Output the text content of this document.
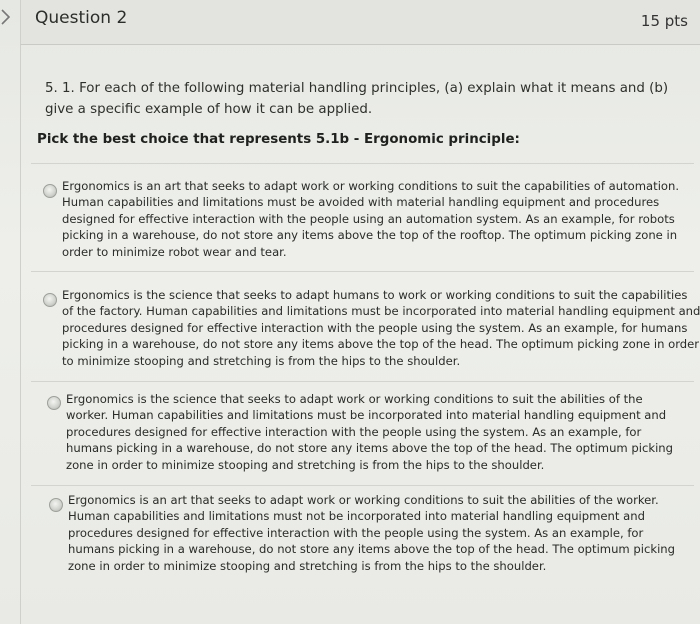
Question 2	15 pts
5. 1. For each of the following material handling principles, (a) explain what it means and (b) give a specific example of how it can be applied.
Pick the best choice that represents 5.1b - Ergonomic principle:
Ergonomics is an art that seeks to adapt work or working conditions to suit the capabilities of automation. Human capabilities and limitations must be avoided with material handling equipment and procedures designed for effective interaction with the people using an automation system. As an example, for robots picking in a warehouse, do not store any items above the top of the rooftop. The optimum picking zone in order to minimize robot wear and tear.
Ergonomics is the science that seeks to adapt humans to work or working conditions to suit the capabilities of the factory. Human capabilities and limitations must be incorporated into material handling equipment and procedures designed for effective interaction with the people using the system. As an example, for humans picking in a warehouse, do not store any items above the top of the head. The optimum picking zone in order to minimize stooping and stretching is from the hips to the shoulder.
Ergonomics is the science that seeks to adapt work or working conditions to suit the abilities of the worker. Human capabilities and limitations must be incorporated into material handling equipment and procedures designed for effective interaction with the people using the system. As an example, for humans picking in a warehouse, do not store any items above the top of the head. The optimum picking zone in order to minimize stooping and stretching is from the hips to the shoulder.
Ergonomics is an art that seeks to adapt work or working conditions to suit the abilities of the worker. Human capabilities and limitations must not be incorporated into material handling equipment and procedures designed for effective interaction with the people using the system. As an example, for humans picking in a warehouse, do not store any items above the top of the head. The optimum picking zone in order to minimize stooping and stretching is from the hips to the shoulder.
